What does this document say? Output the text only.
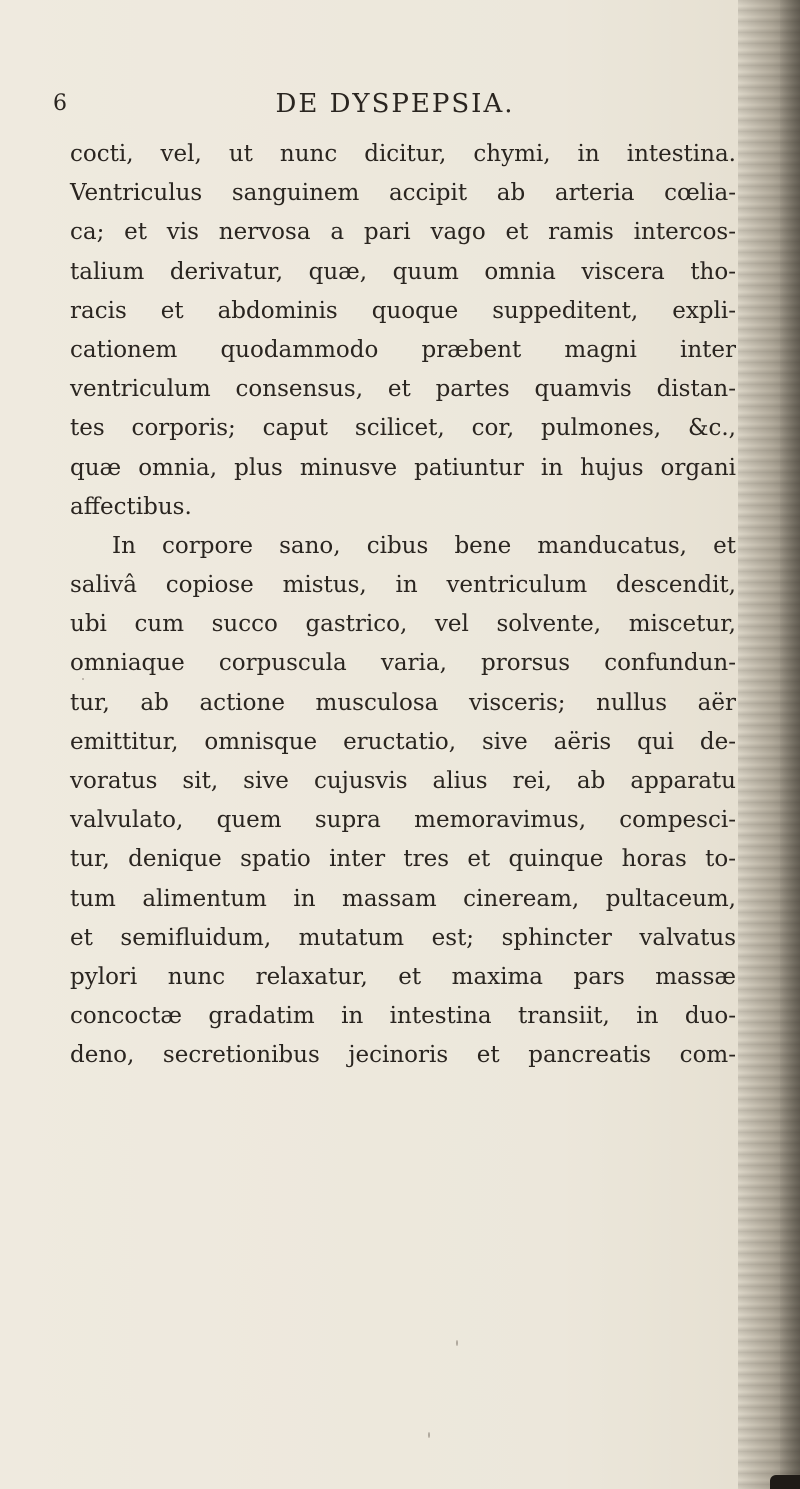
6	DE DYSPEPSIA.
cocti, vel, ut nunc dicitur, chymi, in intestina.
Ventriculus sanguinem accipit ab arteria cœlia-
ca; et vis nervosa a pari vago et ramis intercos-
talium derivatur, quæ, quum omnia viscera tho-
racis et abdominis quoque suppeditent, expli-
cationem quodammodo præbent magni inter
ventriculum consensus, et partes quamvis distan-
tes corporis; caput scilicet, cor, pulmones, &c.,
quæ omnia, plus minusve patiuntur in hujus organi
affectibus.
In corpore sano, cibus bene manducatus, et
salivâ copiose mistus, in ventriculum descendit,
ubi cum succo gastrico, vel solvente, miscetur,
omniaque corpuscula varia, prorsus confundun-
tur, ab actione musculosa visceris; nullus aër
emittitur, omnisque eructatio, sive aëris qui de-
voratus sit, sive cujusvis alius rei, ab apparatu
valvulato, quem supra memoravimus, compesci-
tur, denique spatio inter tres et quinque horas to-
tum alimentum in massam cineream, pultaceum,
et semifluidum, mutatum est; sphincter valvatus
pylori nunc relaxatur, et maxima pars massæ
concoctæ gradatim in intestina transiit, in duo-
deno, secretionibus jecinoris et pancreatis com-
